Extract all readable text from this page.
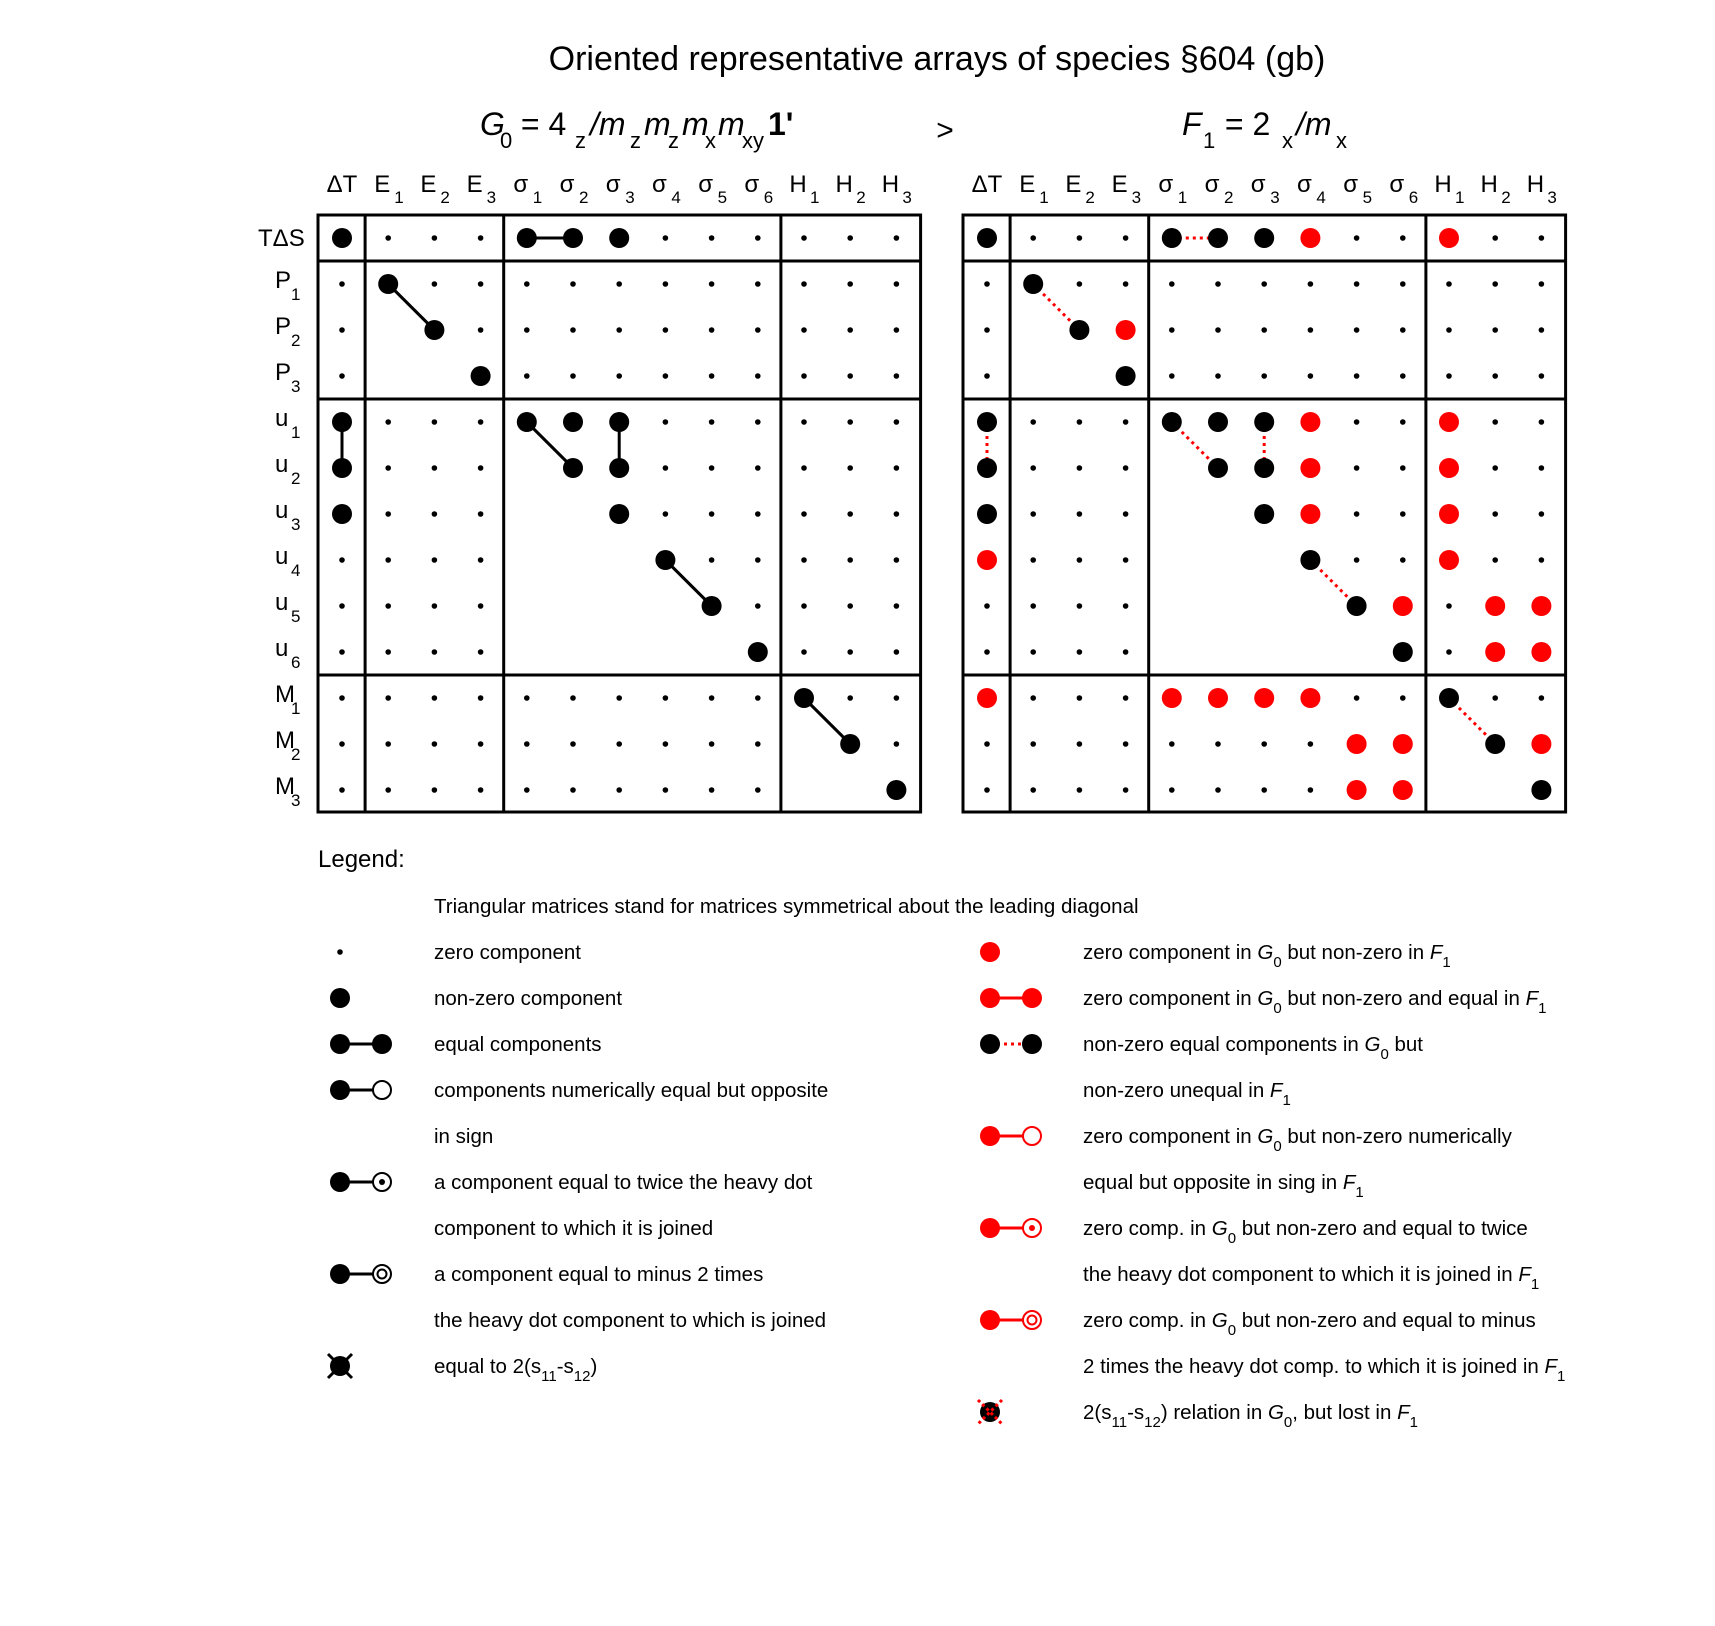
Oriented representative arrays of species §604 (gb)
G
0 = 4 z /m z m
z m
x m
xy 1'	>	F 1 = 2 x /m x
ΔT E 1 E 2 E 3 σ 1 σ 2 σ 3 σ 4 σ 5 σ 6 H 1 H 2 H 3 ΔT E 1 E 2 E 3 σ 1 σ 2 σ 3 σ 4 σ 5 σ 6 H 1 H 2 H 3
TΔS
P
1
P
2
P
3
u
1
u
2
u
3
u
4
u
5
u
6
M
1
M
2
M
3
Legend:
Triangular matrices stand for matrices symmetrical about the leading diagonal
zero component
non-zero component
equal components
components numerically equal but opposite
in sign
a component equal to twice the heavy dot
component to which it is joined
a component equal to minus 2 times
the heavy dot component to which is joined
equal to $2(s_{11}-s_{12})$
zero component in $G_0$ but non-zero in $F_1$
zero component in $G_0$ but non-zero and equal in $F_1$
non-zero equal components in $G_0$ but
non-zero unequal in $F_1$
zero component in $G_0$ but non-zero numerically
equal but opposite in sing in $F_1$
zero comp. in $G_0$ but non-zero and equal to twice
the heavy dot component to which it is joined in $F_1$
zero comp. in $G_0$ but non-zero and equal to minus
2 times the heavy dot comp. to which it is joined in $F_1$
$2(s_{11}-s_{12})$ relation in $G_0$, but lost in $F_1$
